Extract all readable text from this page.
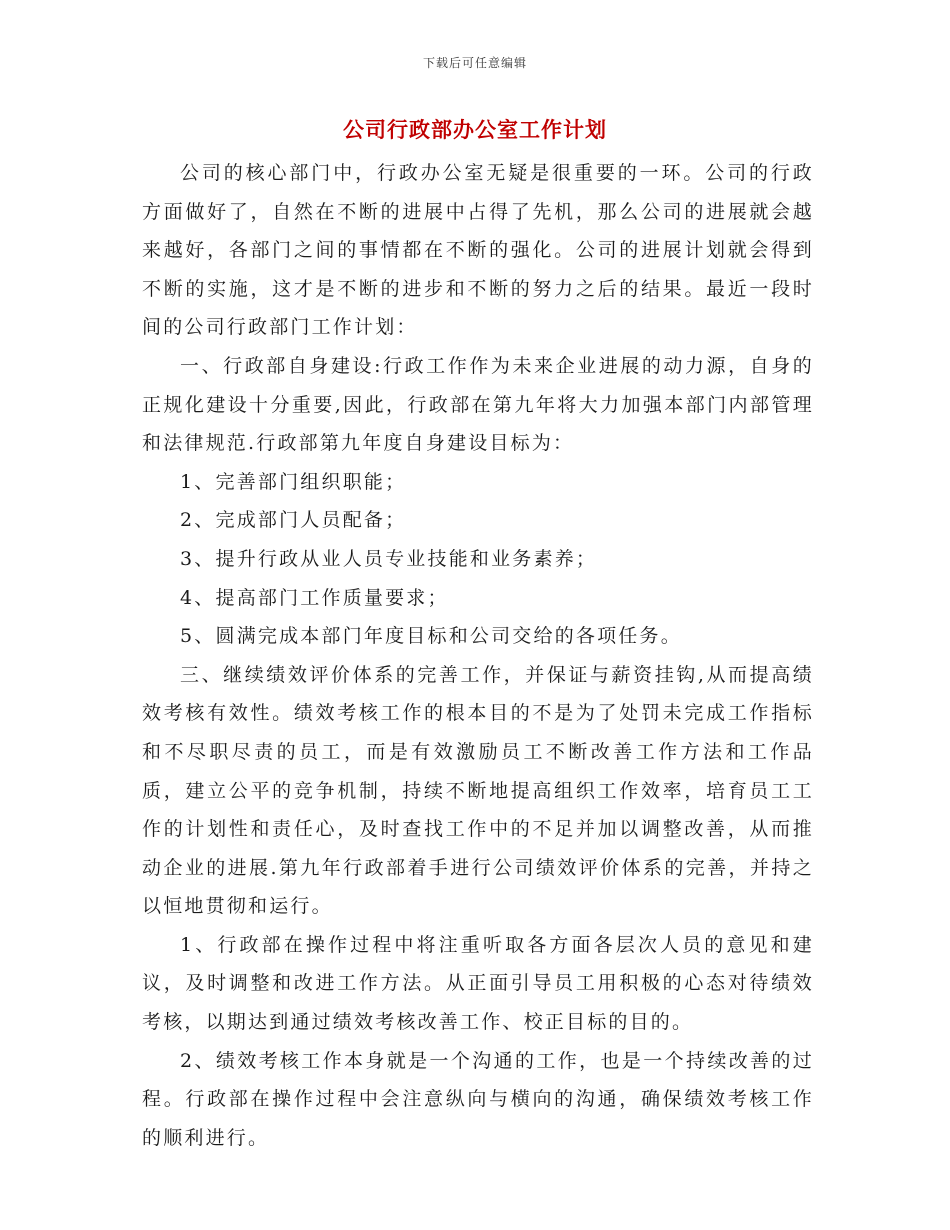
下载后可任意编辑
公司行政部办公室工作计划

公司的核心部门中，行政办公室无疑是很重要的一环。公司的行政方面做好了，自然在不断的进展中占得了先机，那么公司的进展就会越来越好，各部门之间的事情都在不断的强化。公司的进展计划就会得到不断的实施，这才是不断的进步和不断的努力之后的结果。最近一段时间的公司行政部门工作计划：

一、行政部自身建设:行政工作作为未来企业进展的动力源，自身的正规化建设十分重要,因此，行政部在第九年将大力加强本部门内部管理和法律规范.行政部第九年度自身建设目标为：

1、完善部门组织职能；

2、完成部门人员配备；

3、提升行政从业人员专业技能和业务素养；

4、提高部门工作质量要求；

5、圆满完成本部门年度目标和公司交给的各项任务。

三、继续绩效评价体系的完善工作，并保证与薪资挂钩,从而提高绩效考核有效性。绩效考核工作的根本目的不是为了处罚未完成工作指标和不尽职尽责的员工，而是有效激励员工不断改善工作方法和工作品质，建立公平的竞争机制，持续不断地提高组织工作效率，培育员工工作的计划性和责任心，及时查找工作中的不足并加以调整改善，从而推动企业的进展.第九年行政部着手进行公司绩效评价体系的完善，并持之以恒地贯彻和运行。

1、行政部在操作过程中将注重听取各方面各层次人员的意见和建议，及时调整和改进工作方法。从正面引导员工用积极的心态对待绩效考核，以期达到通过绩效考核改善工作、校正目标的目的。

2、绩效考核工作本身就是一个沟通的工作，也是一个持续改善的过程。行政部在操作过程中会注意纵向与横向的沟通，确保绩效考核工作的顺利进行。
